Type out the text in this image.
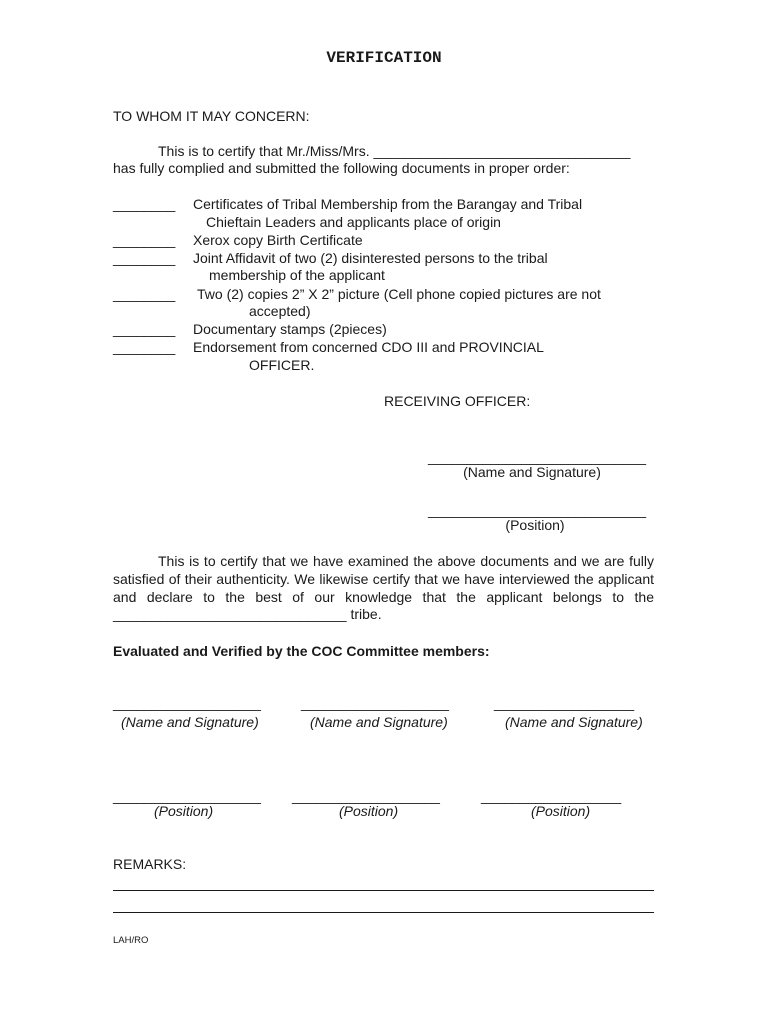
VERIFICATION
TO WHOM IT MAY CONCERN:
This is to certify that Mr./Miss/Mrs. _________________________________
has fully complied and submitted the following documents in proper order:
________ Certificates of Tribal Membership from the Barangay and Tribal
Chieftain Leaders and applicants place of origin
________ Xerox copy Birth Certificate
________ Joint Affidavit of two (2) disinterested persons to the tribal
membership of the applicant
________ Two (2) copies 2” X 2” picture (Cell phone copied pictures are not
accepted)
________ Documentary stamps (2pieces)
________ Endorsement from concerned CDO III and PROVINCIAL
OFFICER.
RECEIVING OFFICER:
____________________________
(Name and Signature)
____________________________
(Position)
This is to certify that we have examined the above documents and we are fully satisfied of their authenticity. We likewise certify that we have interviewed the applicant and declare to the best of our knowledge that the applicant belongs to the ______________________________ tribe.
Evaluated and Verified by the COC Committee members:
___________________	___________________	__________________
(Name and Signature)	(Name and Signature)	(Name and Signature)
___________________ ___________________	__________________
(Position)	(Position)	(Position)
REMARKS:
LAH/RO
